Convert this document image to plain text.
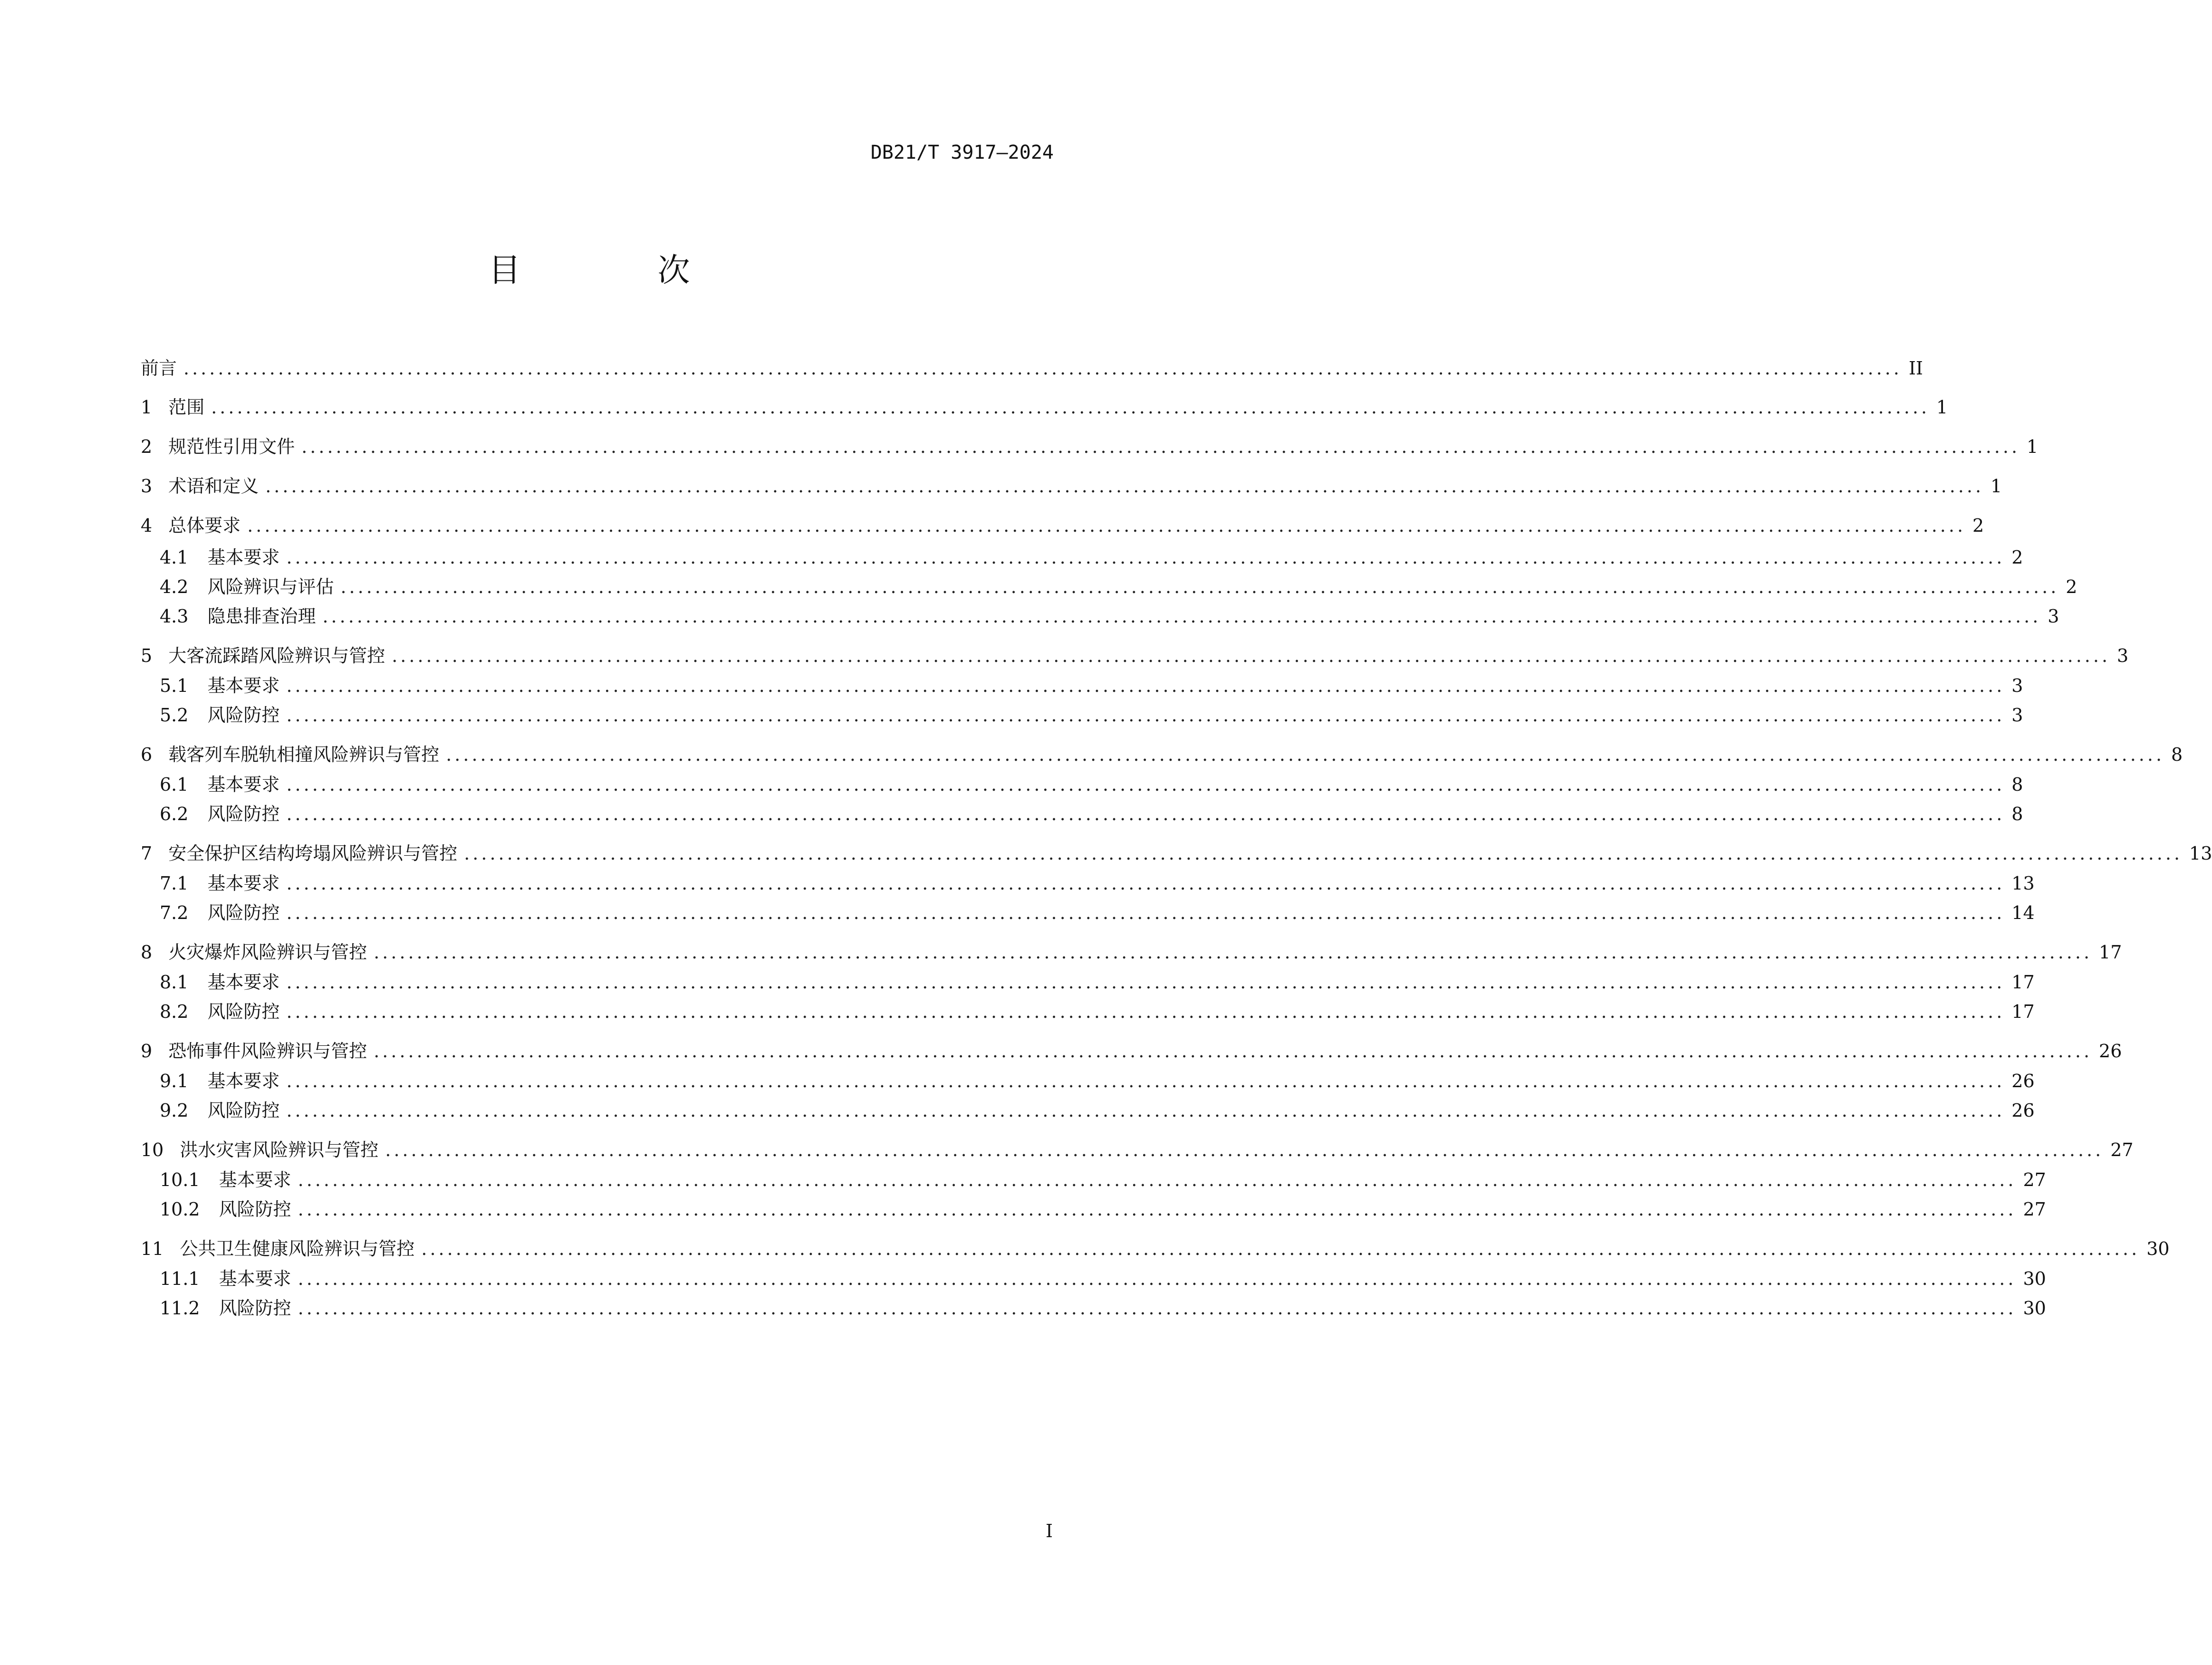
DB21/T 3917—2024
目　次
前言 ........................................................................................................................................................................................................ II
1 范围 ........................................................................................................................................................................................................ 1
2 规范性引用文件 ........................................................................................................................................................................................................ 1
3 术语和定义 ........................................................................................................................................................................................................ 1
4 总体要求 ........................................................................................................................................................................................................ 2
4.1 基本要求 ........................................................................................................................................................................................................ 2
4.2 风险辨识与评估 ........................................................................................................................................................................................................ 2
4.3 隐患排查治理 ........................................................................................................................................................................................................ 3
5 大客流踩踏风险辨识与管控 ........................................................................................................................................................................................................ 3
5.1 基本要求 ........................................................................................................................................................................................................ 3
5.2 风险防控 ........................................................................................................................................................................................................ 3
6 载客列车脱轨相撞风险辨识与管控 ........................................................................................................................................................................................................ 8
6.1 基本要求 ........................................................................................................................................................................................................ 8
6.2 风险防控 ........................................................................................................................................................................................................ 8
7 安全保护区结构垮塌风险辨识与管控 ........................................................................................................................................................................................................ 13
7.1 基本要求 ........................................................................................................................................................................................................ 13
7.2 风险防控 ........................................................................................................................................................................................................ 14
8 火灾爆炸风险辨识与管控 ........................................................................................................................................................................................................ 17
8.1 基本要求 ........................................................................................................................................................................................................ 17
8.2 风险防控 ........................................................................................................................................................................................................ 17
9 恐怖事件风险辨识与管控 ........................................................................................................................................................................................................ 26
9.1 基本要求 ........................................................................................................................................................................................................ 26
9.2 风险防控 ........................................................................................................................................................................................................ 26
10 洪水灾害风险辨识与管控 ........................................................................................................................................................................................................ 27
10.1 基本要求 ........................................................................................................................................................................................................ 27
10.2 风险防控 ........................................................................................................................................................................................................ 27
11 公共卫生健康风险辨识与管控 ........................................................................................................................................................................................................ 30
11.1 基本要求 ........................................................................................................................................................................................................ 30
11.2 风险防控 ........................................................................................................................................................................................................ 30
I
